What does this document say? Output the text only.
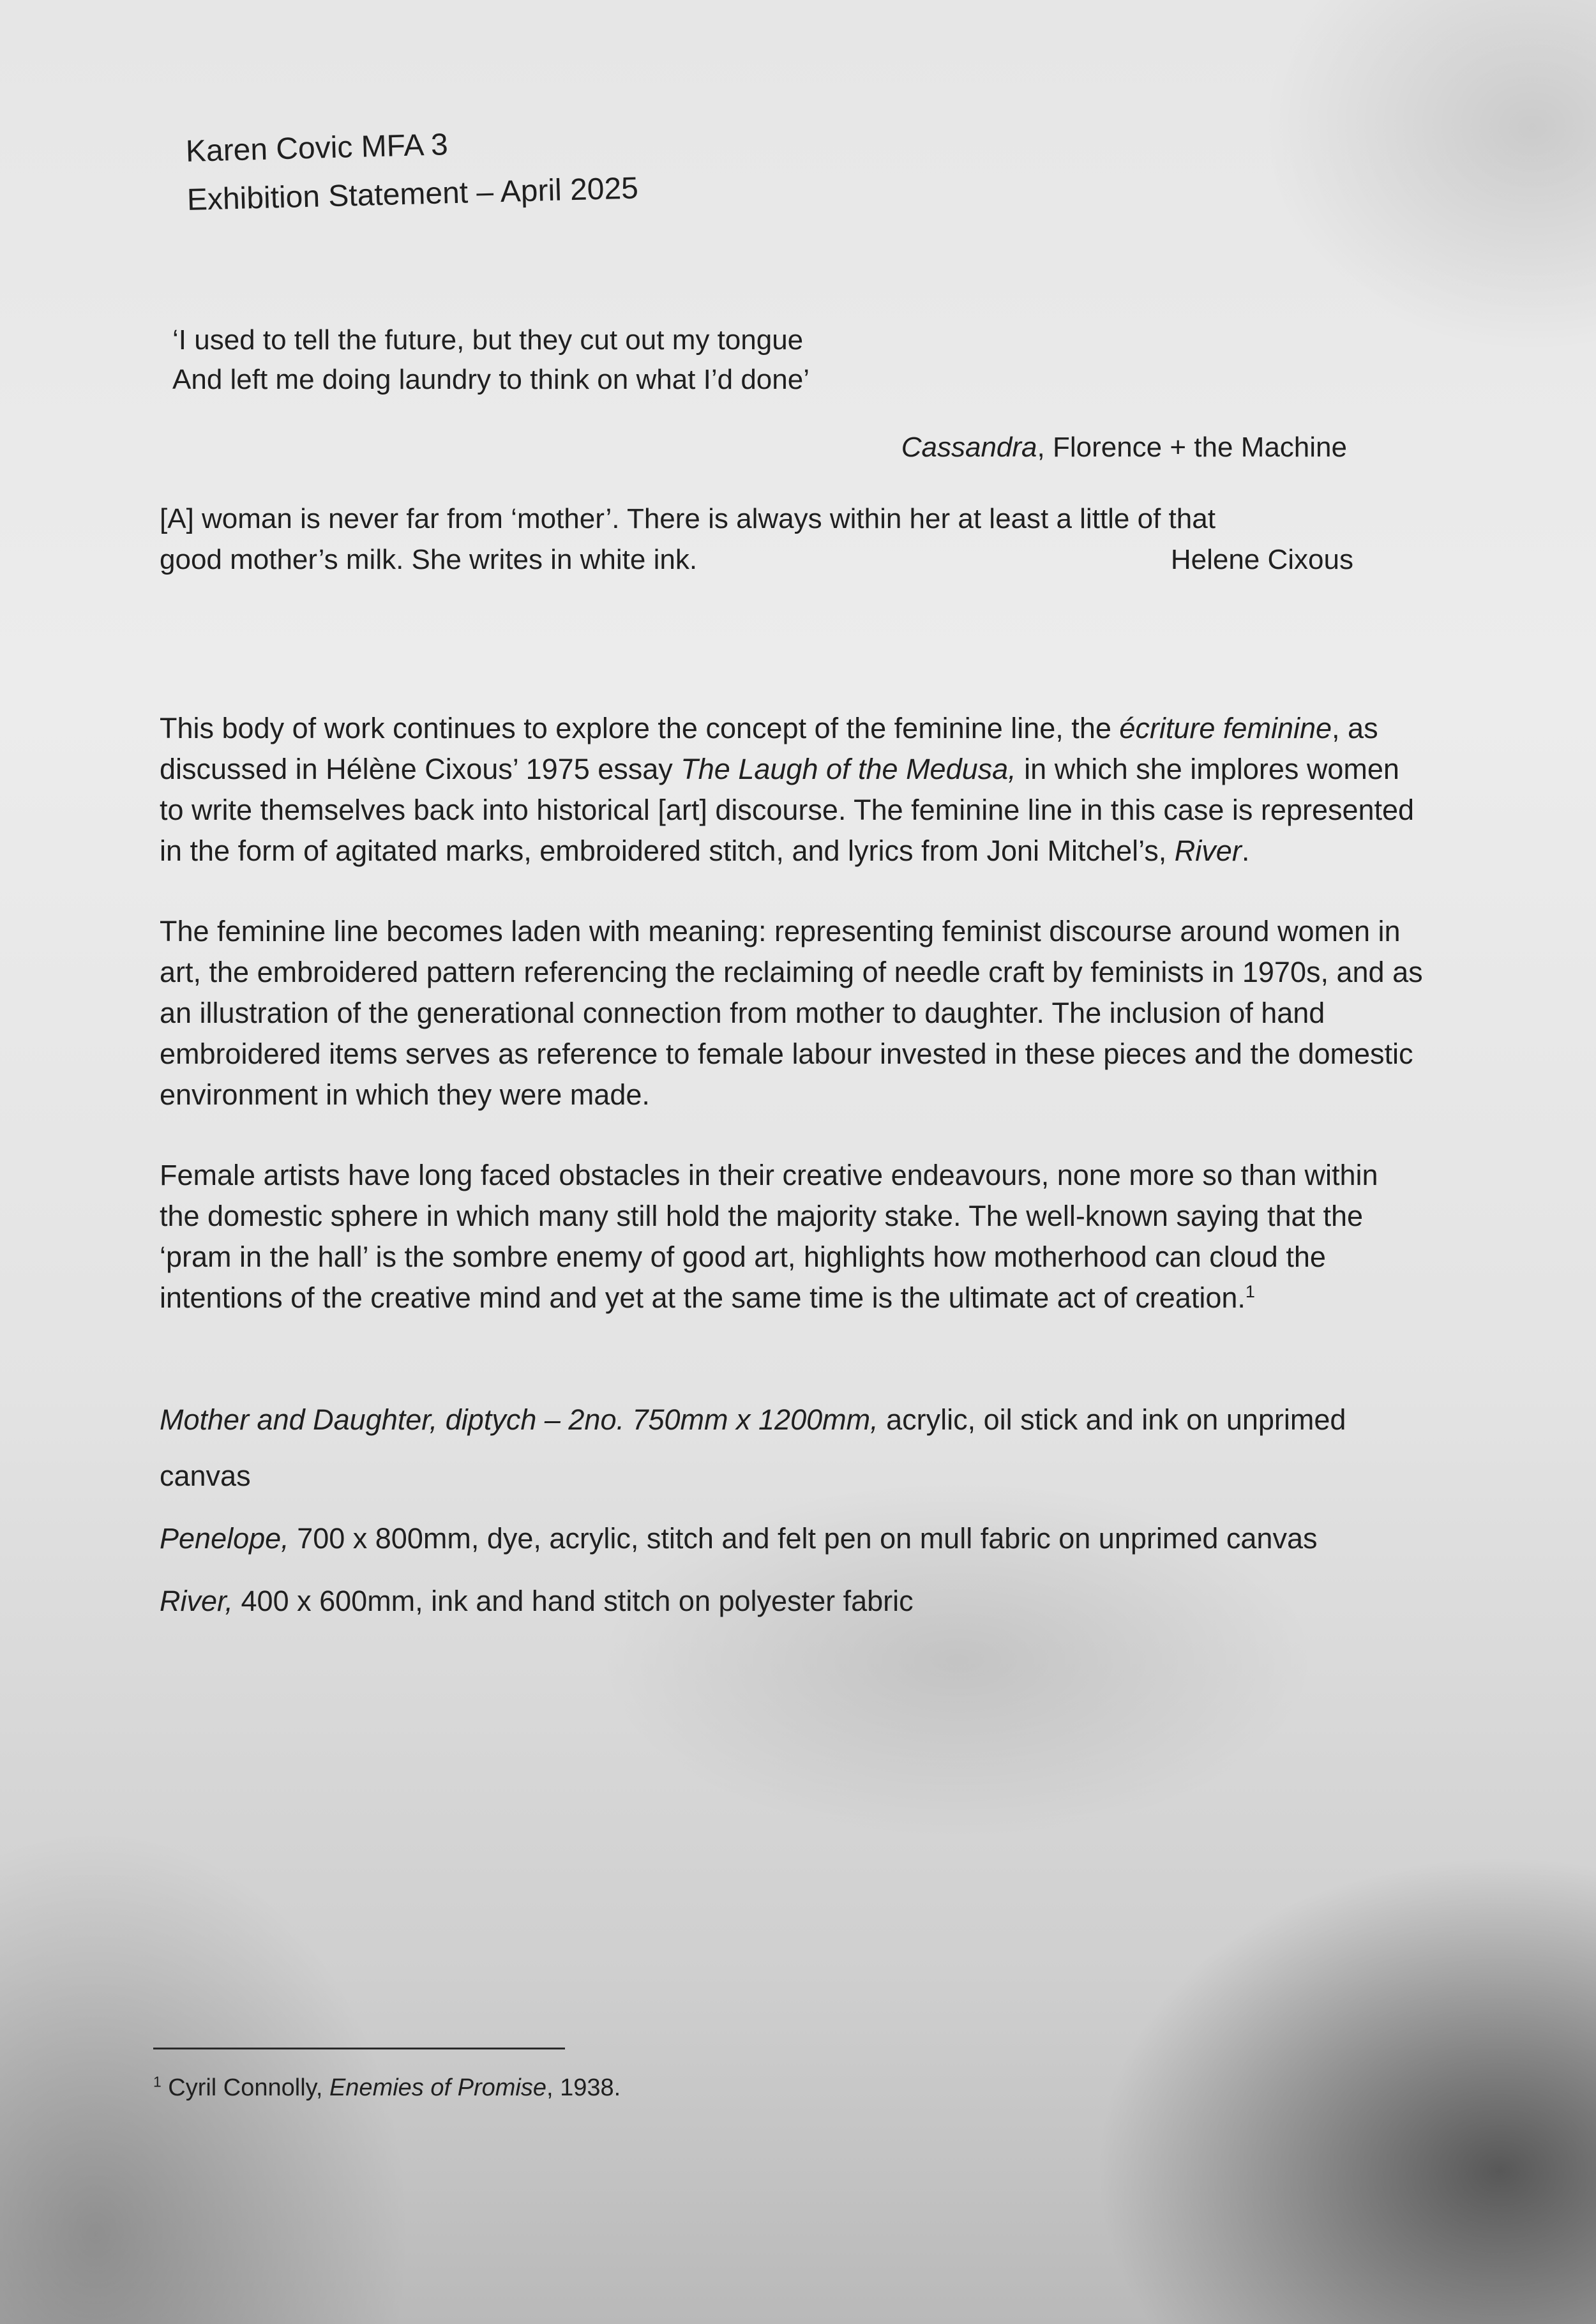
Karen Covic MFA 3

Exhibition Statement – April 2025

‘I used to tell the future, but they cut out my tongue

And left me doing laundry to think on what I’d done’

Cassandra, Florence + the Machine
[A] woman is never far from ‘mother’. There is always within her at least a little of that
good mother’s milk. She writes in white ink.	Helene Cixous

This body of work continues to explore the concept of the feminine line, the écriture feminine, as discussed in Hélène Cixous’ 1975 essay The Laugh of the Medusa, in which she implores women to write themselves back into historical [art] discourse. The feminine line in this case is represented in the form of agitated marks, embroidered stitch, and lyrics from Joni Mitchel’s, River.

The feminine line becomes laden with meaning: representing feminist discourse around women in art, the embroidered pattern referencing the reclaiming of needle craft by feminists in 1970s, and as an illustration of the generational connection from mother to daughter. The inclusion of hand embroidered items serves as reference to female labour invested in these pieces and the domestic environment in which they were made.

Female artists have long faced obstacles in their creative endeavours, none more so than within the domestic sphere in which many still hold the majority stake. The well-known saying that the ‘pram in the hall’ is the sombre enemy of good art, highlights how motherhood can cloud the intentions of the creative mind and yet at the same time is the ultimate act of creation.$^1$

Mother and Daughter, diptych – 2no. 750mm x 1200mm, acrylic, oil stick and ink on unprimed canvas

Penelope, 700 x 800mm, dye, acrylic, stitch and felt pen on mull fabric on unprimed canvas

River, 400 x 600mm, ink and hand stitch on polyester fabric

$^1$ Cyril Connolly, Enemies of Promise, 1938.
